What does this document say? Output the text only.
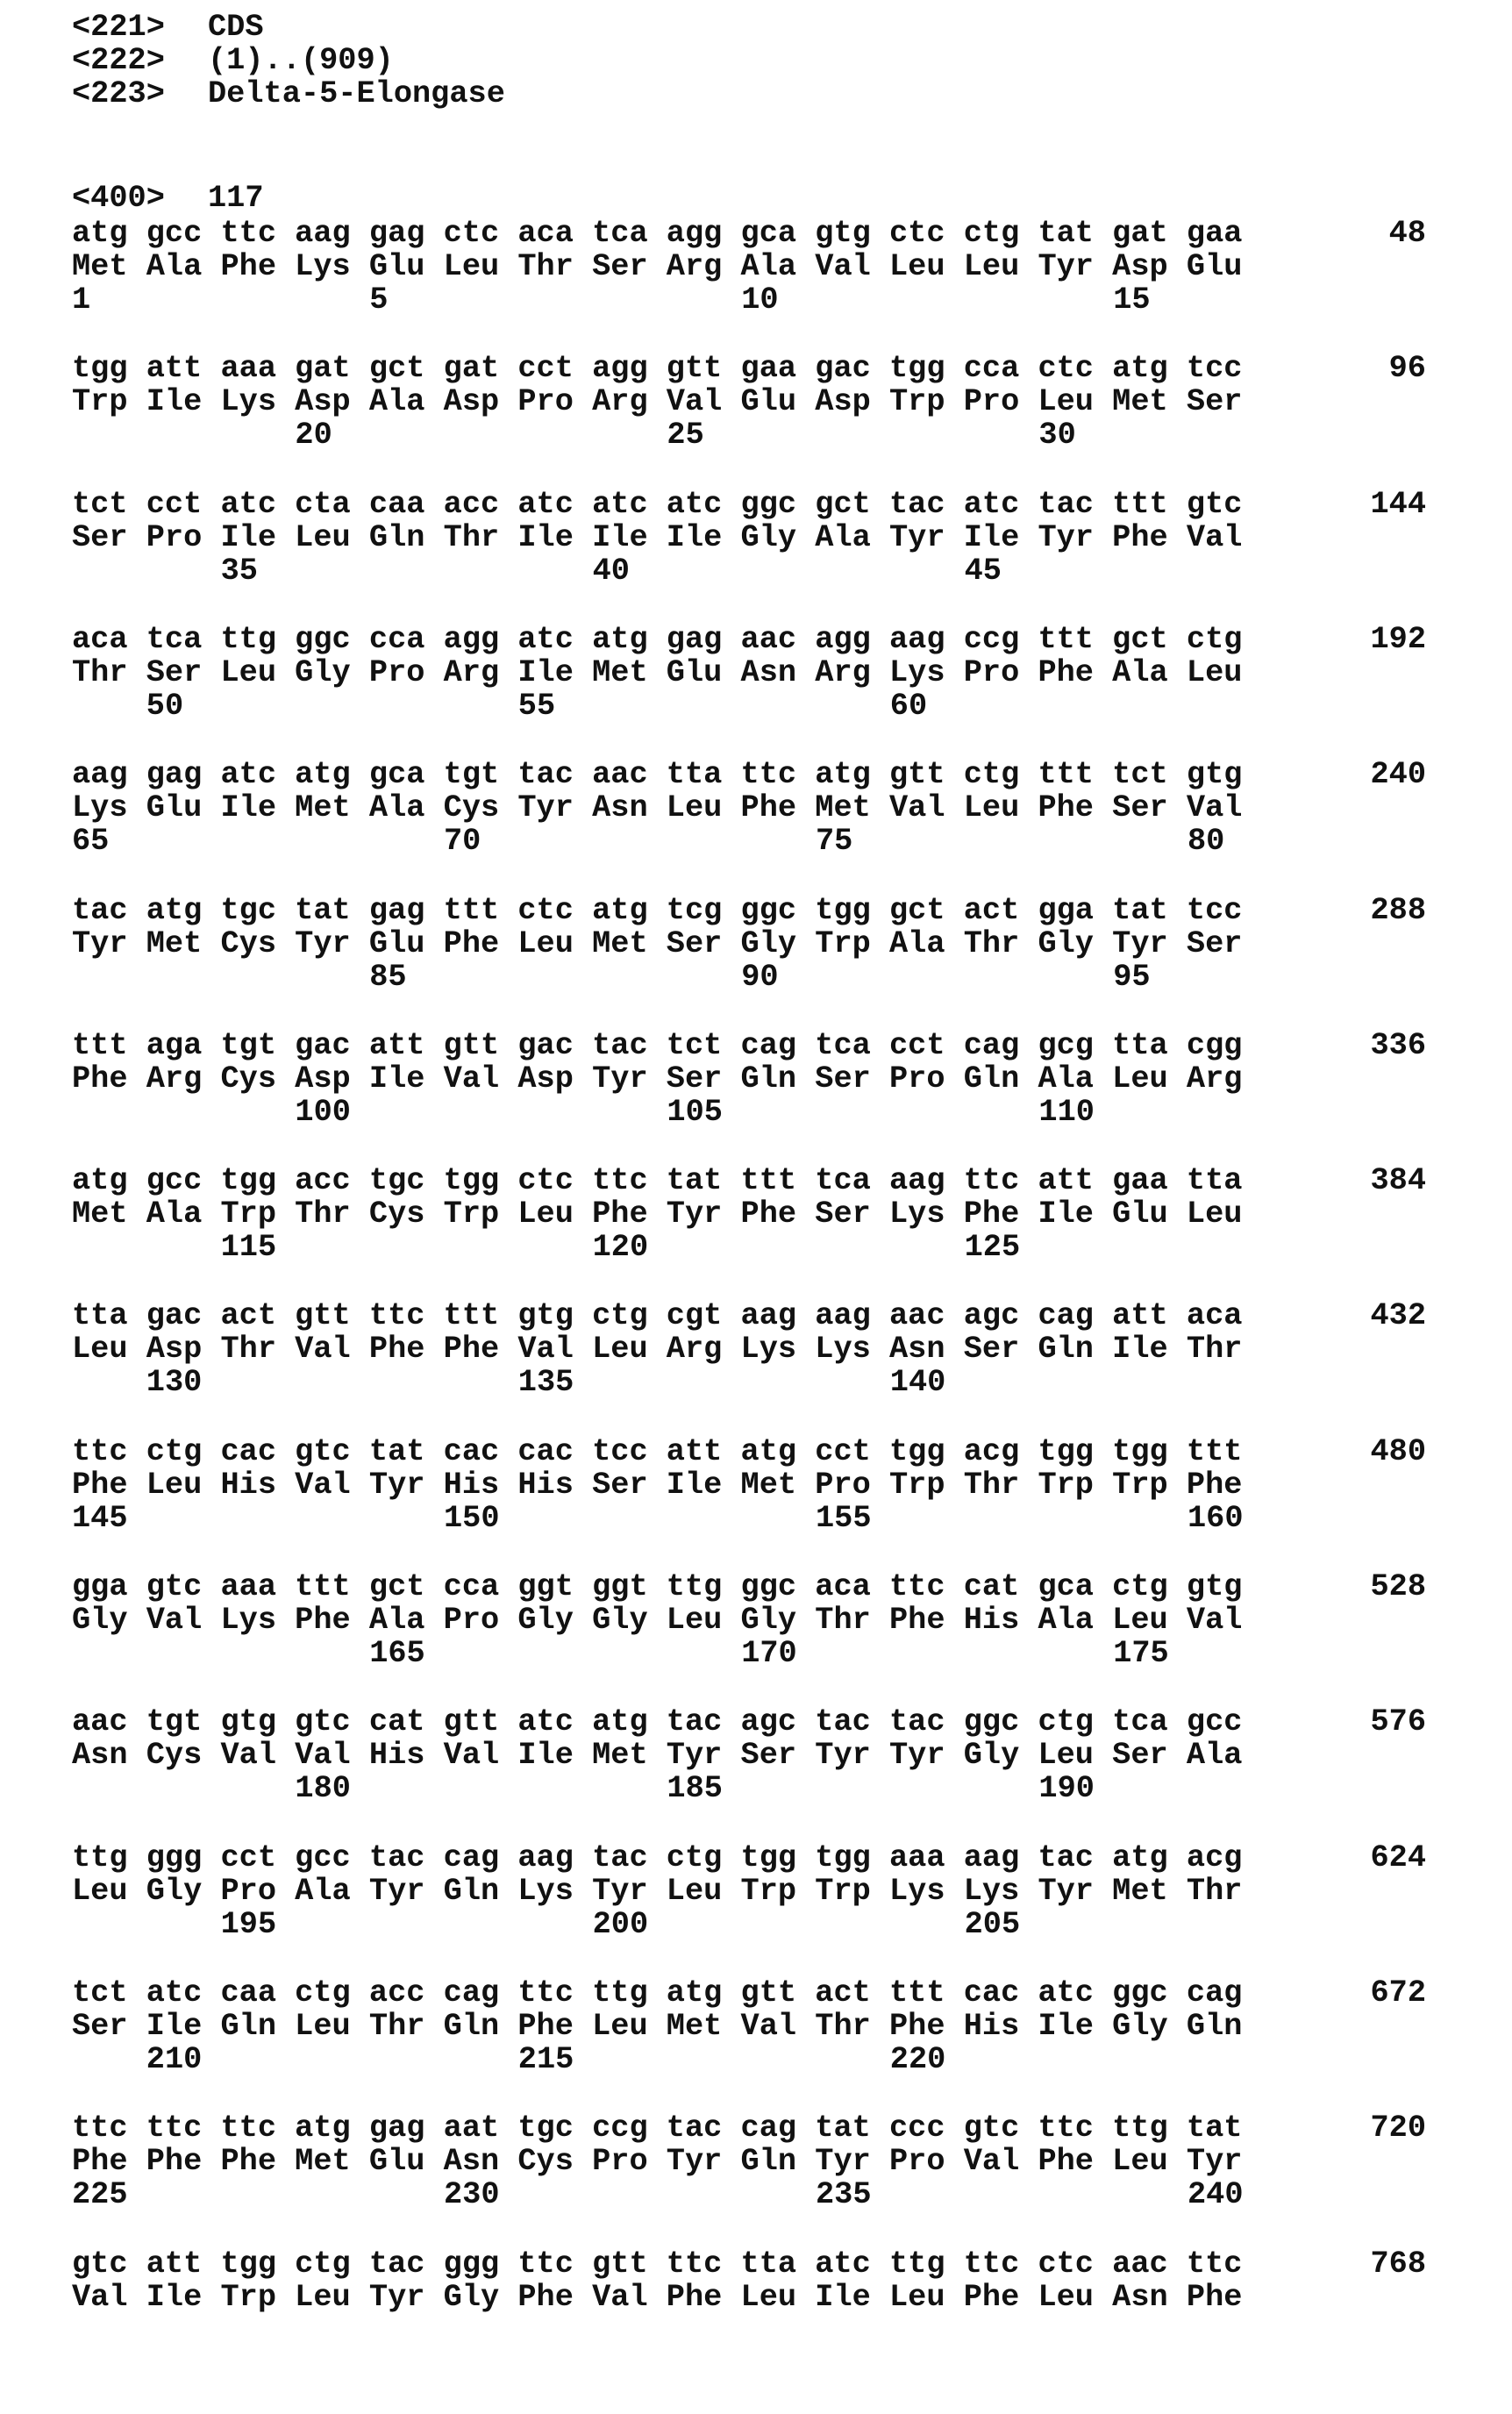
<221> CDS
<222> (1)..(909)
<223> Delta-5-Elongase
<400> 117
atg gcc ttc aag gag ctc aca tca agg gca gtg ctc ctg tat gat gaa	48
Met Ala Phe Lys Glu Leu Thr Ser Arg Ala Val Leu Leu Tyr Asp Glu
1	5	10	15
tgg att aaa gat gct gat cct agg gtt gaa gac tgg cca ctc atg tcc	96
Trp Ile Lys Asp Ala Asp Pro Arg Val Glu Asp Trp Pro Leu Met Ser
20	25	30
tct cct atc cta caa acc atc atc atc ggc gct tac atc tac ttt gtc	144
Ser Pro Ile Leu Gln Thr Ile Ile Ile Gly Ala Tyr Ile Tyr Phe Val
35	40	45
aca tca ttg ggc cca agg atc atg gag aac agg aag ccg ttt gct ctg	192
Thr Ser Leu Gly Pro Arg Ile Met Glu Asn Arg Lys Pro Phe Ala Leu
50	55	60
aag gag atc atg gca tgt tac aac tta ttc atg gtt ctg ttt tct gtg	240
Lys Glu Ile Met Ala Cys Tyr Asn Leu Phe Met Val Leu Phe Ser Val
65	70	75	80
tac atg tgc tat gag ttt ctc atg tcg ggc tgg gct act gga tat tcc	288
Tyr Met Cys Tyr Glu Phe Leu Met Ser Gly Trp Ala Thr Gly Tyr Ser
85	90	95
ttt aga tgt gac att gtt gac tac tct cag tca cct cag gcg tta cgg	336
Phe Arg Cys Asp Ile Val Asp Tyr Ser Gln Ser Pro Gln Ala Leu Arg
100	105	110
atg gcc tgg acc tgc tgg ctc ttc tat ttt tca aag ttc att gaa tta	384
Met Ala Trp Thr Cys Trp Leu Phe Tyr Phe Ser Lys Phe Ile Glu Leu
115	120	125
tta gac act gtt ttc ttt gtg ctg cgt aag aag aac agc cag att aca	432
Leu Asp Thr Val Phe Phe Val Leu Arg Lys Lys Asn Ser Gln Ile Thr
130	135	140
ttc ctg cac gtc tat cac cac tcc att atg cct tgg acg tgg tgg ttt	480
Phe Leu His Val Tyr His His Ser Ile Met Pro Trp Thr Trp Trp Phe
145	150	155	160
gga gtc aaa ttt gct cca ggt ggt ttg ggc aca ttc cat gca ctg gtg	528
Gly Val Lys Phe Ala Pro Gly Gly Leu Gly Thr Phe His Ala Leu Val
165	170	175
aac tgt gtg gtc cat gtt atc atg tac agc tac tac ggc ctg tca gcc	576
Asn Cys Val Val His Val Ile Met Tyr Ser Tyr Tyr Gly Leu Ser Ala
180	185	190
ttg ggg cct gcc tac cag aag tac ctg tgg tgg aaa aag tac atg acg	624
Leu Gly Pro Ala Tyr Gln Lys Tyr Leu Trp Trp Lys Lys Tyr Met Thr
195	200	205
tct atc caa ctg acc cag ttc ttg atg gtt act ttt cac atc ggc cag	672
Ser Ile Gln Leu Thr Gln Phe Leu Met Val Thr Phe His Ile Gly Gln
210	215	220
ttc ttc ttc atg gag aat tgc ccg tac cag tat ccc gtc ttc ttg tat	720
Phe Phe Phe Met Glu Asn Cys Pro Tyr Gln Tyr Pro Val Phe Leu Tyr
225	230	235	240
gtc att tgg ctg tac ggg ttc gtt ttc tta atc ttg ttc ctc aac ttc	768
Val Ile Trp Leu Tyr Gly Phe Val Phe Leu Ile Leu Phe Leu Asn Phe
